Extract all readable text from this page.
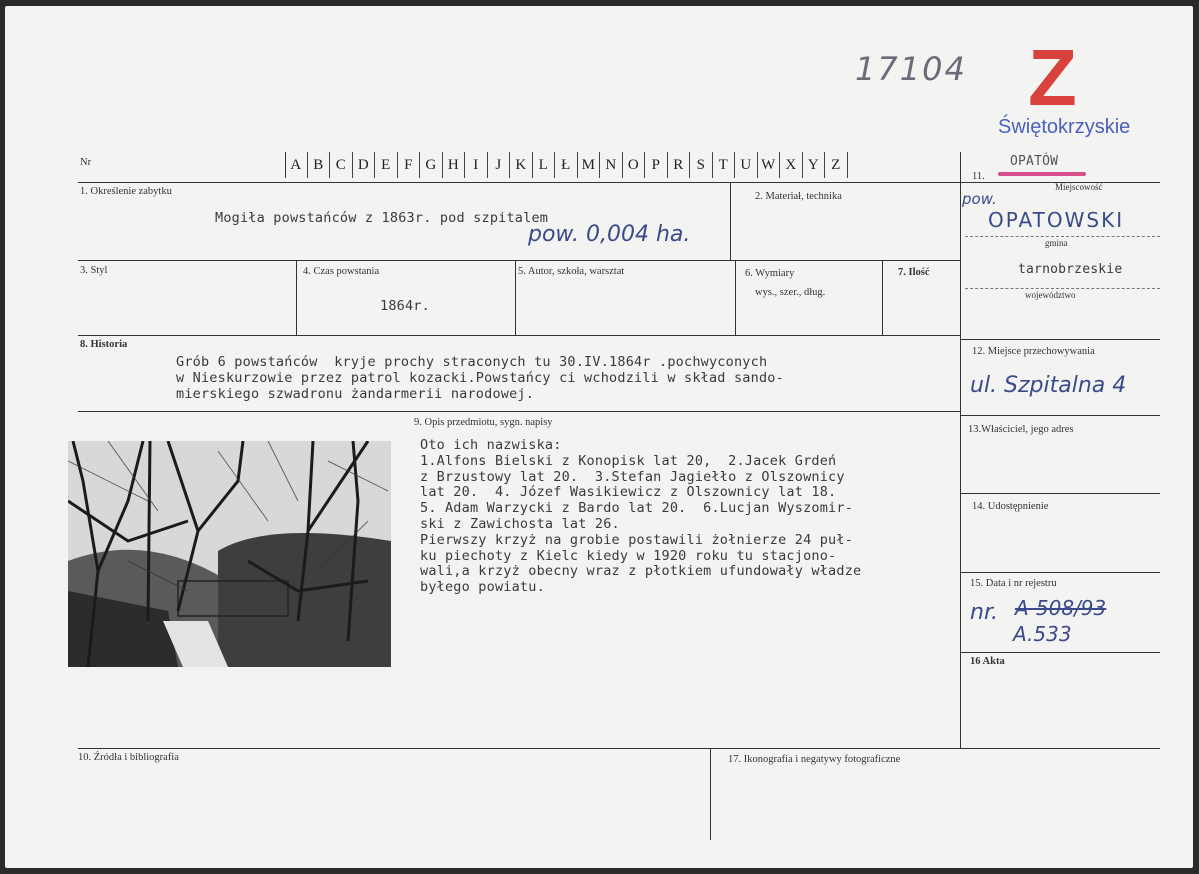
17104 Z
Świętokrzyskie
Nr	A B C D E F G H I	J K L Ł M N O P R S T U W X Y Z
11.
OPATÓW
Miejscowość
pow.
OPATOWSKI
gmina
tarnobrzeskie
województwo
1. Określenie zabytku
Mogiła powstańców z 1863r. pod szpitalem
pow. 0,004 ha.
2. Materiał, technika
3. Styl	4. Czas powstania
1864r.
5. Autor, szkoła, warsztat	6. Wymiary
wys., szer., dług.
7. Ilość
8. Historia
Grób 6 powstańców  kryje prochy straconych tu 30.IV.1864r .pochwyconych
w Nieskurzowie przez patrol kozacki.Powstańcy ci wchodzili w skład sando-
mierskiego szwadronu żandarmerii narodowej.
9. Opis przedmiotu, sygn. napisy
Oto ich nazwiska:
1.Alfons Bielski z Konopisk lat 20,  2.Jacek Grdeń
z Brzustowy lat 20.  3.Stefan Jagiełło z Olszownicy
lat 20.  4. Józef Wasikiewicz z Olszownicy lat 18.
5. Adam Warzycki z Bardo lat 20.  6.Lucjan Wyszomir-
ski z Zawichosta lat 26.
Pierwszy krzyż na grobie postawili żołnierze 24 puł-
ku piechoty z Kielc kiedy w 1920 roku tu stacjono-
wali,a krzyż obecny wraz z płotkiem ufundowały władze
byłego powiatu.
12. Miejsce przechowywania
ul. Szpitalna 4
13.Właściciel, jego adres
14. Udostępnienie
15. Data i nr rejestru
nr. A-508/93
A.533
16 Akta
10. Źródła i bibliografia	17. Ikonografia i negatywy fotograficzne
